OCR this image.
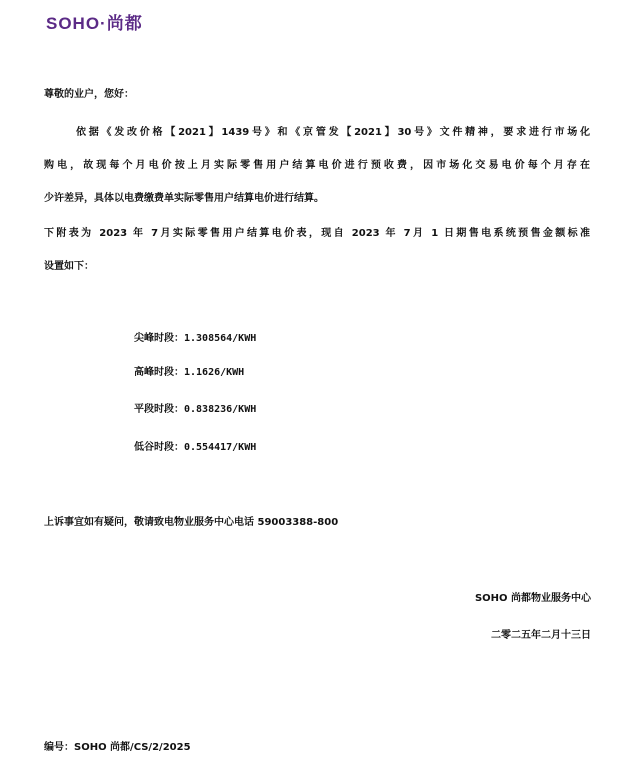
SOHO·尚都
尊敬的业户，您好：
依据《发改价格【2021】1439号》和《京管发【2021】30号》文件精神，要求进行市场化
购电，故现每个月电价按上月实际零售用户结算电价进行预收费，因市场化交易电价每个月存在
少许差异，具体以电费缴费单实际零售用户结算电价进行结算。
下附表为 2023 年 7月实际零售用户结算电价表，现自 2023 年 7月 1 日期售电系统预售金额标准
设置如下：
尖峰时段：1.308564/KWH
高峰时段：1.1626/KWH
平段时段：0.838236/KWH
低谷时段：0.554417/KWH
上诉事宜如有疑问，敬请致电物业服务中心电话 59003388-800
SOHO 尚都物业服务中心
二零二五年二月十三日
编号：SOHO 尚都/CS/2/2025
